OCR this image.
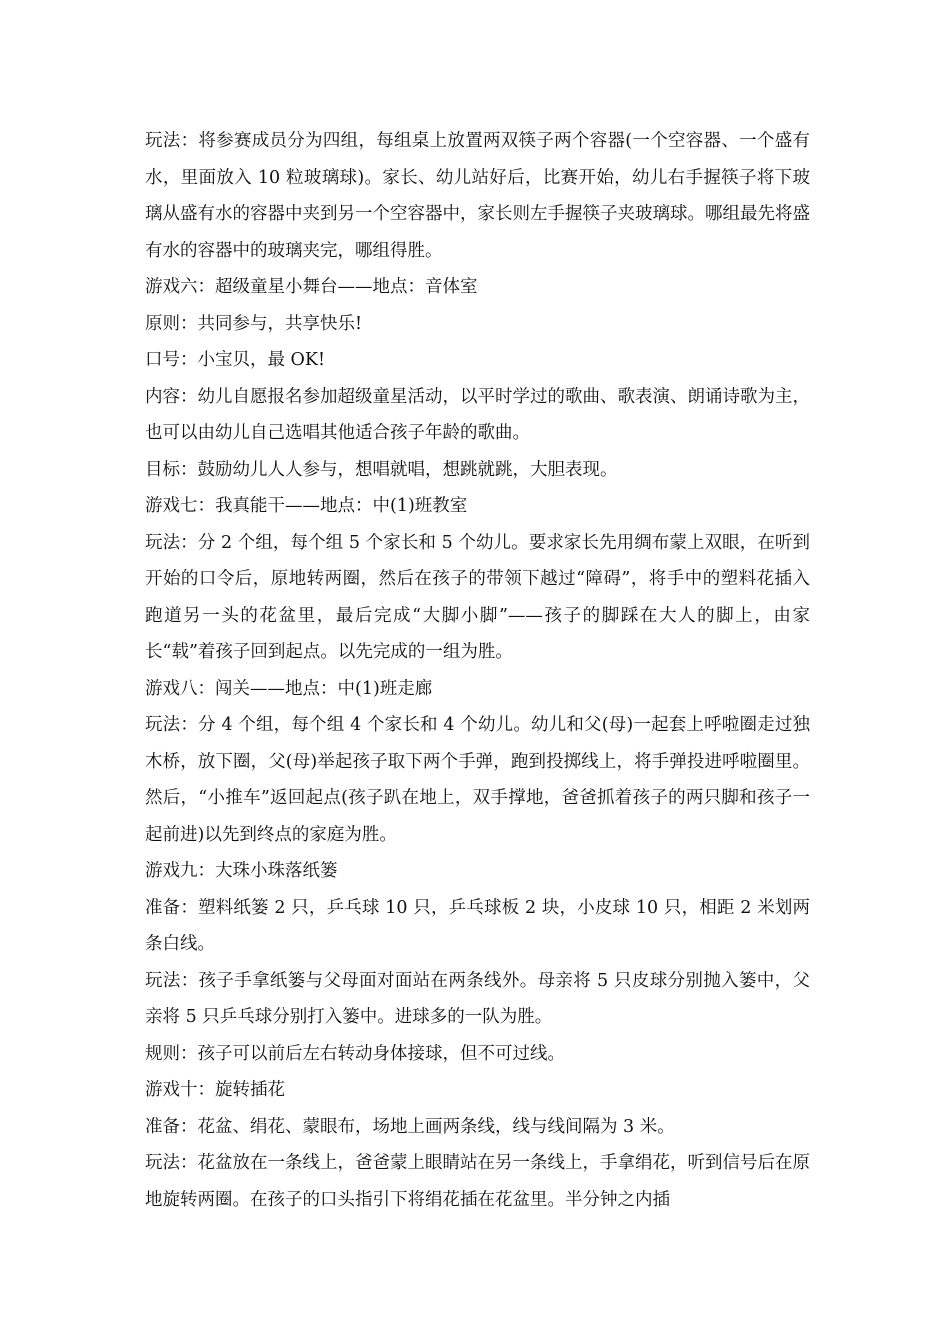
玩法：将参赛成员分为四组，每组桌上放置两双筷子两个容器(一个空容器、一个盛有水，里面放入 10 粒玻璃球)。家长、幼儿站好后，比赛开始，幼儿右手握筷子将下玻璃从盛有水的容器中夹到另一个空容器中，家长则左手握筷子夹玻璃球。哪组最先将盛有水的容器中的玻璃夹完，哪组得胜。

游戏六：超级童星小舞台——地点：音体室

原则：共同参与，共享快乐!

口号：小宝贝，最 OK!

内容：幼儿自愿报名参加超级童星活动，以平时学过的歌曲、歌表演、朗诵诗歌为主，也可以由幼儿自己选唱其他适合孩子年龄的歌曲。

目标：鼓励幼儿人人参与，想唱就唱，想跳就跳，大胆表现。

游戏七：我真能干——地点：中(1)班教室

玩法：分 2 个组，每个组 5 个家长和 5 个幼儿。要求家长先用绸布蒙上双眼，在听到开始的口令后，原地转两圈，然后在孩子的带领下越过“障碍”，将手中的塑料花插入跑道另一头的花盆里，最后完成“大脚小脚”——孩子的脚踩在大人的脚上，由家长“载”着孩子回到起点。以先完成的一组为胜。

游戏八：闯关——地点：中(1)班走廊

玩法：分 4 个组，每个组 4 个家长和 4 个幼儿。幼儿和父(母)一起套上呼啦圈走过独木桥，放下圈，父(母)举起孩子取下两个手弹，跑到投掷线上，将手弹投进呼啦圈里。然后，“小推车”返回起点(孩子趴在地上，双手撑地，爸爸抓着孩子的两只脚和孩子一起前进)以先到终点的家庭为胜。

游戏九：大珠小珠落纸篓

准备：塑料纸篓 2 只，乒乓球 10 只，乒乓球板 2 块，小皮球 10 只，相距 2 米划两条白线。

玩法：孩子手拿纸篓与父母面对面站在两条线外。母亲将 5 只皮球分别抛入篓中，父亲将 5 只乒乓球分别打入篓中。进球多的一队为胜。

规则：孩子可以前后左右转动身体接球，但不可过线。

游戏十：旋转插花

准备：花盆、绢花、蒙眼布，场地上画两条线，线与线间隔为 3 米。

玩法：花盆放在一条线上，爸爸蒙上眼睛站在另一条线上，手拿绢花，听到信号后在原地旋转两圈。在孩子的口头指引下将绢花插在花盆里。半分钟之内插
